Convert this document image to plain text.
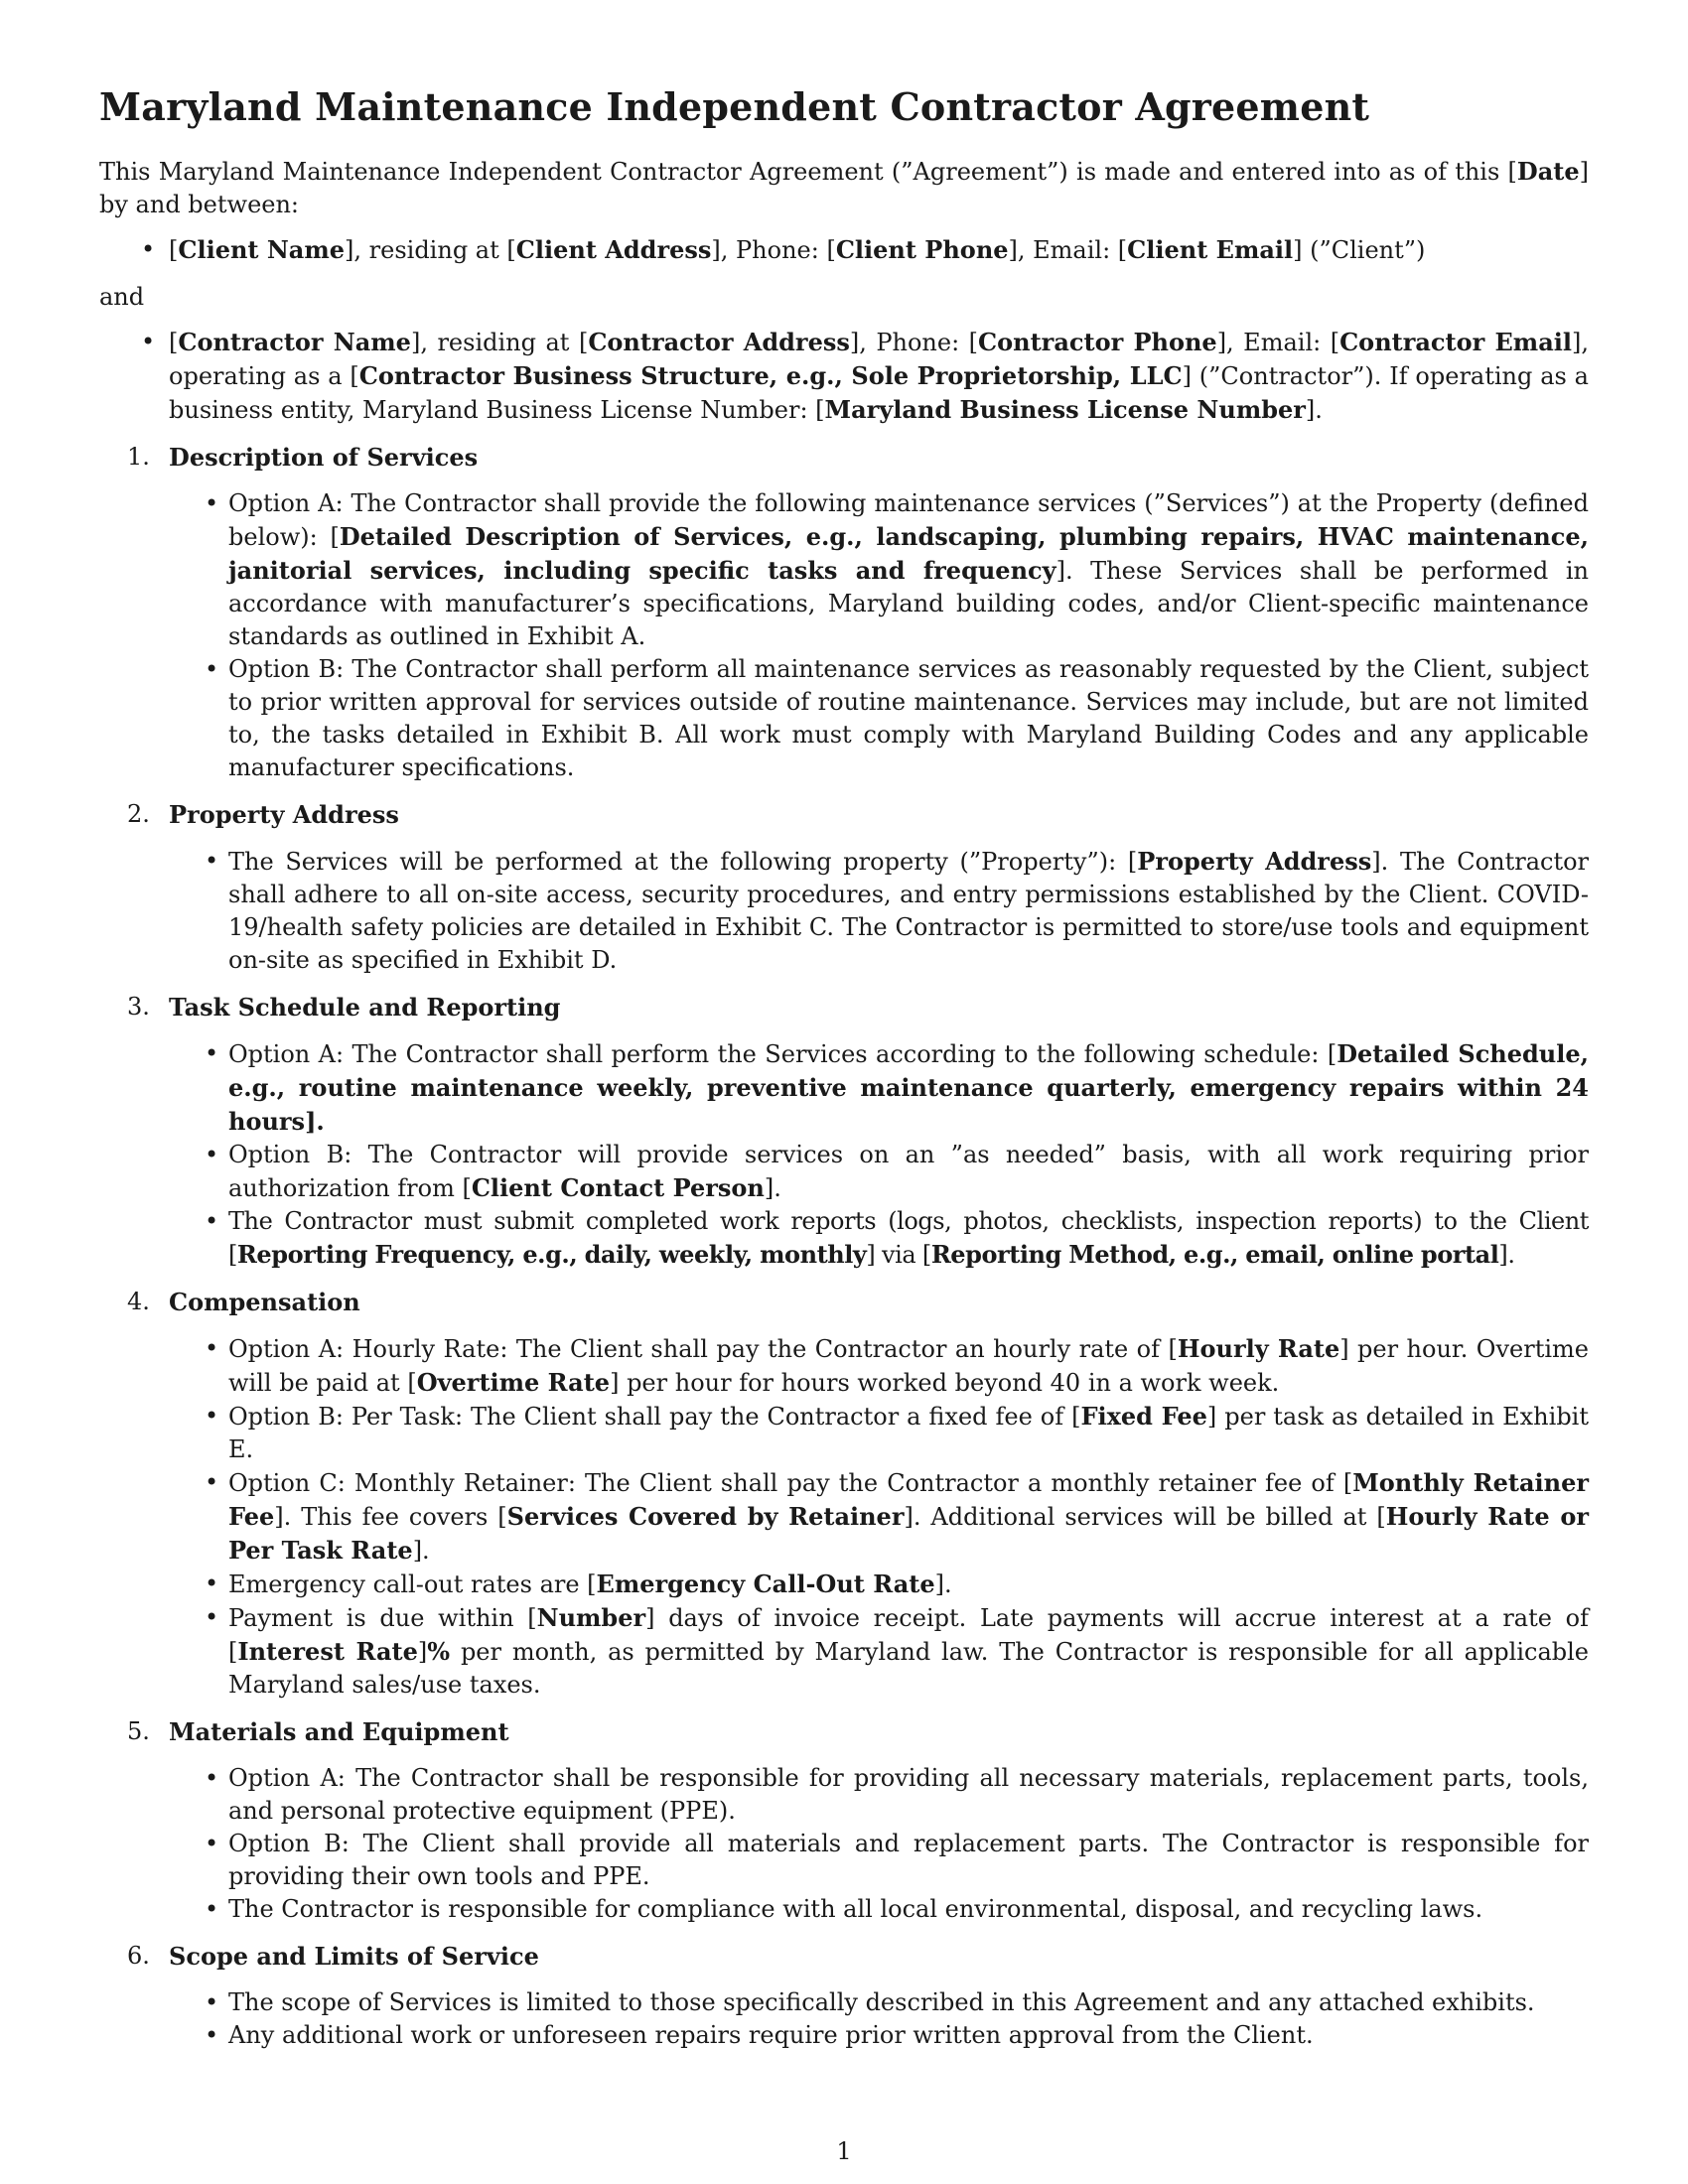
Maryland Maintenance Independent Contractor Agreement

This Maryland Maintenance Independent Contractor Agreement (”Agreement”) is made and entered into as of this [Date] by and between:

• [Client Name], residing at [Client Address], Phone: [Client Phone], Email: [Client Email] (”Client”)

and

• [Contractor Name], residing at [Contractor Address], Phone: [Contractor Phone], Email: [Contractor Email], operating as a [Contractor Business Structure, e.g., Sole Proprietorship, LLC] (”Contractor”). If operating as a business entity, Maryland Business License Number: [Maryland Business License Number].
1. Description of Services

• Option A: The Contractor shall provide the following maintenance services (”Services”) at the Property (defined below): [Detailed Description of Services, e.g., landscaping, plumbing repairs, HVAC maintenance, janitorial services, including specific tasks and frequency]. These Services shall be performed in accordance with manufacturer’s specifications, Maryland building codes, and/or Client-specific maintenance standards as outlined in Exhibit A.
• Option B: The Contractor shall perform all maintenance services as reasonably requested by the Client, subject to prior written approval for services outside of routine maintenance. Services may include, but are not limited to, the tasks detailed in Exhibit B. All work must comply with Maryland Building Codes and any applicable manufacturer specifications.
2. Property Address

• The Services will be performed at the following property (”Property”): [Property Address]. The Contractor shall adhere to all on-site access, security procedures, and entry permissions established by the Client. COVID-19/health safety policies are detailed in Exhibit C. The Contractor is permitted to store/use tools and equipment on-site as specified in Exhibit D.
3. Task Schedule and Reporting

• Option A: The Contractor shall perform the Services according to the following schedule: [Detailed Schedule, e.g., routine maintenance weekly, preventive maintenance quarterly, emergency repairs within 24 hours].
• Option B: The Contractor will provide services on an ”as needed” basis, with all work requiring prior authorization from [Client Contact Person].
• The Contractor must submit completed work reports (logs, photos, checklists, inspection reports) to the Client [Reporting Frequency, e.g., daily, weekly, monthly] via [Reporting Method, e.g., email, online portal].
4. Compensation

• Option A: Hourly Rate: The Client shall pay the Contractor an hourly rate of [Hourly Rate] per hour. Overtime will be paid at [Overtime Rate] per hour for hours worked beyond 40 in a work week.
• Option B: Per Task: The Client shall pay the Contractor a fixed fee of [Fixed Fee] per task as detailed in Exhibit E.
• Option C: Monthly Retainer: The Client shall pay the Contractor a monthly retainer fee of [Monthly Retainer Fee]. This fee covers [Services Covered by Retainer]. Additional services will be billed at [Hourly Rate or Per Task Rate].
• Emergency call-out rates are [Emergency Call-Out Rate].
• Payment is due within [Number] days of invoice receipt. Late payments will accrue interest at a rate of [Interest Rate]% per month, as permitted by Maryland law. The Contractor is responsible for all applicable Maryland sales/use taxes.
5. Materials and Equipment

• Option A: The Contractor shall be responsible for providing all necessary materials, replacement parts, tools, and personal protective equipment (PPE).
• Option B: The Client shall provide all materials and replacement parts. The Contractor is responsible for providing their own tools and PPE.
• The Contractor is responsible for compliance with all local environmental, disposal, and recycling laws.
6. Scope and Limits of Service

• The scope of Services is limited to those specifically described in this Agreement and any attached exhibits.
• Any additional work or unforeseen repairs require prior written approval from the Client.
1
